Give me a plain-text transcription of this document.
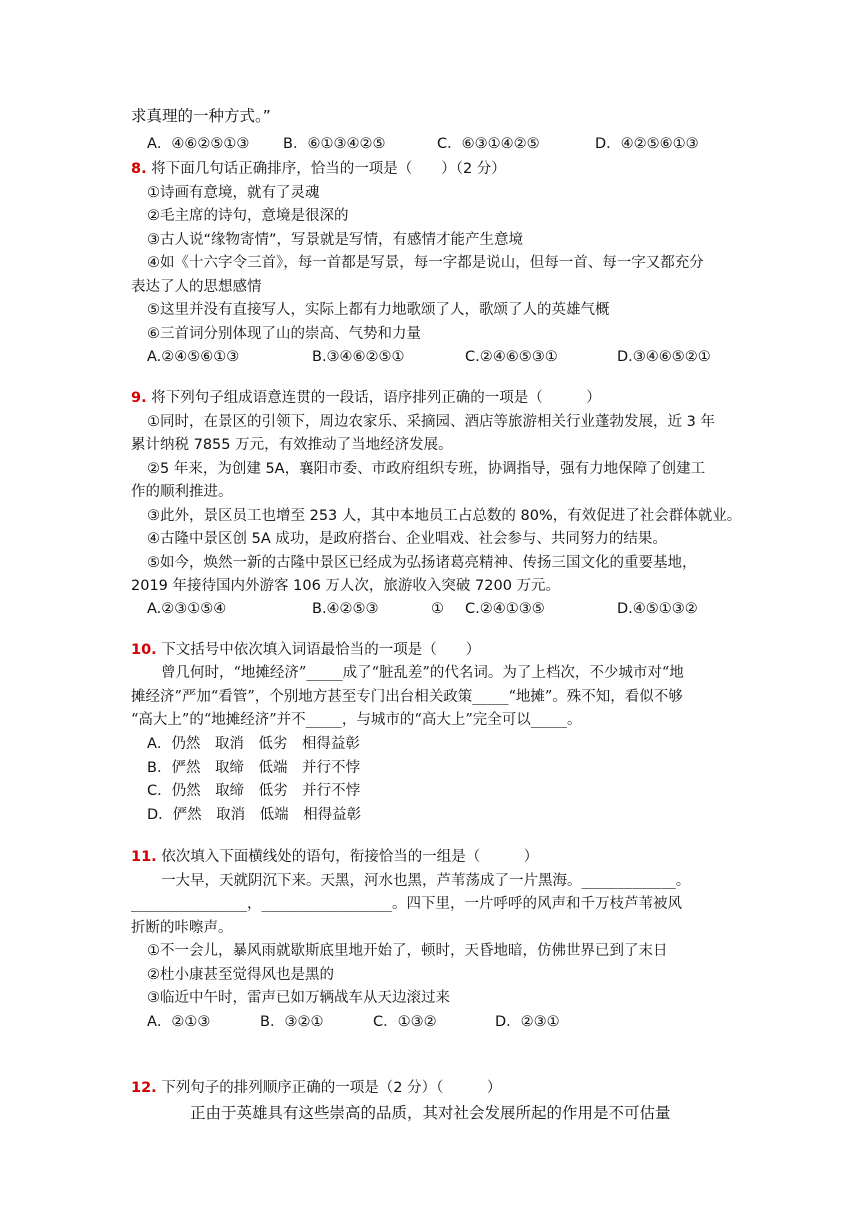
求真理的一种方式。”
A．④⑥②⑤①③ B．⑥①③④②⑤	C．⑥③①④②⑤	D．④②⑤⑥①③
8. 将下面几句话正确排序，恰当的一项是（　　）（2 分）
①诗画有意境，就有了灵魂
②毛主席的诗句，意境是很深的
③古人说“缘物寄情”，写景就是写情，有感情才能产生意境
④如《十六字令三首》，每一首都是写景，每一字都是说山，但每一首、每一字又都充分
表达了人的思想感情
⑤这里并没有直接写人，实际上都有力地歌颂了人，歌颂了人的英雄气概
⑥三首词分别体现了山的崇高、气势和力量
A.②④⑤⑥①③	B.③④⑥②⑤①	C.②④⑥⑤③①	D.③④⑥⑤②①
9. 将下列句子组成语意连贯的一段话，语序排列正确的一项是（　　　）
①同时，在景区的引领下，周边农家乐、采摘园、酒店等旅游相关行业蓬勃发展，近 3 年
累计纳税 7855 万元，有效推动了当地经济发展。
②5 年来，为创建 5A，襄阳市委、市政府组织专班，协调指导，强有力地保障了创建工
作的顺利推进。
③此外，景区员工也增至 253 人，其中本地员工占总数的 80%，有效促进了社会群体就业。
④古隆中景区创 5A 成功，是政府搭台、企业唱戏、社会参与、共同努力的结果。
⑤如今，焕然一新的古隆中景区已经成为弘扬诸葛亮精神、传扬三国文化的重要基地，
2019 年接待国内外游客 106 万人次，旅游收入突破 7200 万元。
A.②③①⑤④	B.④②⑤③	① C.②④①③⑤	D.④⑤①③②
10. 下文括号中依次填入词语最恰当的一项是（　　）
曾几何时，“地摊经济”_____成了“脏乱差”的代名词。为了上档次，不少城市对“地
摊经济”严加“看管”，个别地方甚至专门出台相关政策_____“地摊”。殊不知，看似不够
“高大上”的“地摊经济”并不_____，与城市的“高大上”完全可以_____。
A．仍然　取消　低劣　相得益彰
B．俨然　取缔　低端　并行不悖
C．仍然　取缔　低劣　并行不悖
D．俨然　取消　低端　相得益彰
11. 依次填入下面横线处的语句，衔接恰当的一组是（　　　）
一大早，天就阴沉下来。天黑，河水也黑，芦苇荡成了一片黑海。_____________。
________________，__________________。四下里，一片呼呼的风声和千万枝芦苇被风
折断的咔嚓声。
①不一会儿，暴风雨就歇斯底里地开始了，顿时，天昏地暗，仿佛世界已到了末日
②杜小康甚至觉得风也是黑的
③临近中午时，雷声已如万辆战车从天边滚过来
A．②①③	B．③②①	C．①③②	D．②③①
12. 下列句子的排列顺序正确的一项是（2 分）（　　　）
正由于英雄具有这些崇高的品质，其对社会发展所起的作用是不可估量
